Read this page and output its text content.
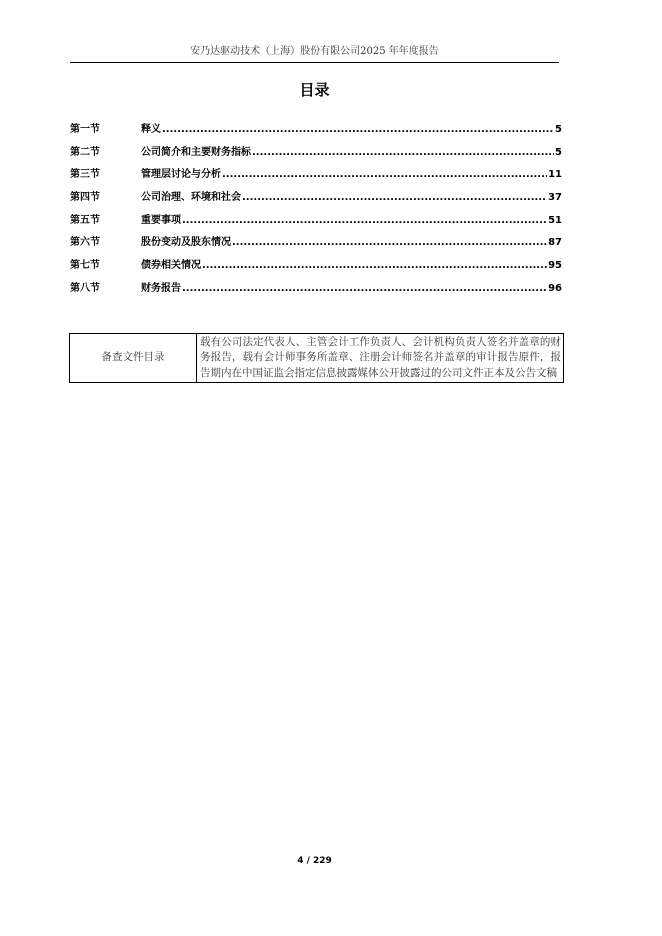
安乃达驱动技术（上海）股份有限公司2025 年年度报告
目录
第一节	释义 .....	5
第二节	公司简介和主要财务指标 .....	5
第三节	管理层讨论与分析 .....	11
第四节	公司治理、环境和社会 .....	37
第五节	重要事项 .....	51
第六节	股份变动及股东情况 .....	87
第七节	债券相关情况 .....	95
第八节	财务报告 .....	96
备查文件目录	载有公司法定代表人、主管会计工作负责人、会计机构负责人签名并盖章的财务报告，载有会计师事务所盖章、注册会计师签名并盖章的审计报告原件，报告期内在中国证监会指定信息披露媒体公开披露过的公司文件正本及公告文稿
4 / 229
